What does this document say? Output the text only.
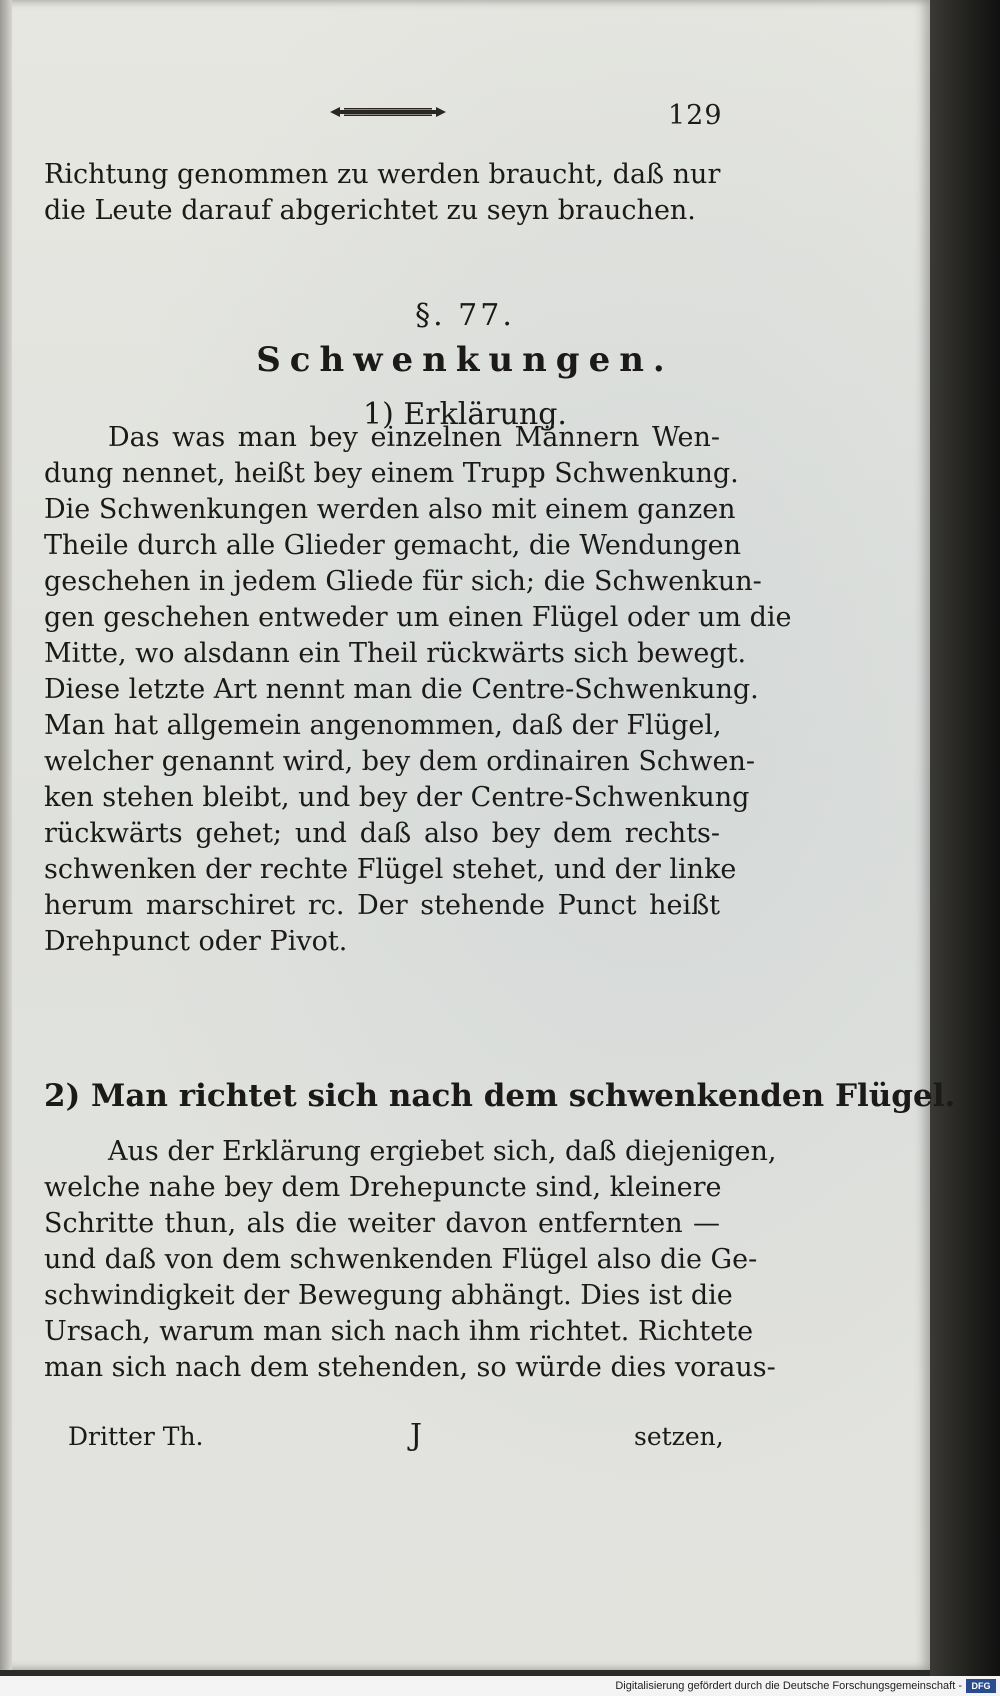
129
Richtung genommen zu werden braucht, daß nur
die Leute darauf abgerichtet zu seyn brauchen.
§. 77.
Schwenkungen.
1) Erklärung.
Das was man bey einzelnen Männern Wen-
dung nennet, heißt bey einem Trupp Schwenkung.
Die Schwenkungen werden also mit einem ganzen
Theile durch alle Glieder gemacht, die Wendungen
geschehen in jedem Gliede für sich; die Schwenkun-
gen geschehen entweder um einen Flügel oder um die
Mitte, wo alsdann ein Theil rückwärts sich bewegt.
Diese letzte Art nennt man die Centre-Schwenkung.
Man hat allgemein angenommen, daß der Flügel,
welcher genannt wird, bey dem ordinairen Schwen-
ken stehen bleibt, und bey der Centre-Schwenkung
rückwärts gehet; und daß also bey dem rechts-
schwenken der rechte Flügel stehet, und der linke
herum marschiret rc. Der stehende Punct heißt
Drehpunct oder Pivot.
2) Man richtet sich nach dem schwenkenden Flügel.
Aus der Erklärung ergiebet sich, daß diejenigen,
welche nahe bey dem Drehepuncte sind, kleinere
Schritte thun, als die weiter davon entfernten —
und daß von dem schwenkenden Flügel also die Ge-
schwindigkeit der Bewegung abhängt. Dies ist die
Ursach, warum man sich nach ihm richtet. Richtete
man sich nach dem stehenden, so würde dies voraus-
Dritter Th.	J	setzen,
Digitalisierung gefördert durch die Deutsche Forschungsgemeinschaft -	DFG
